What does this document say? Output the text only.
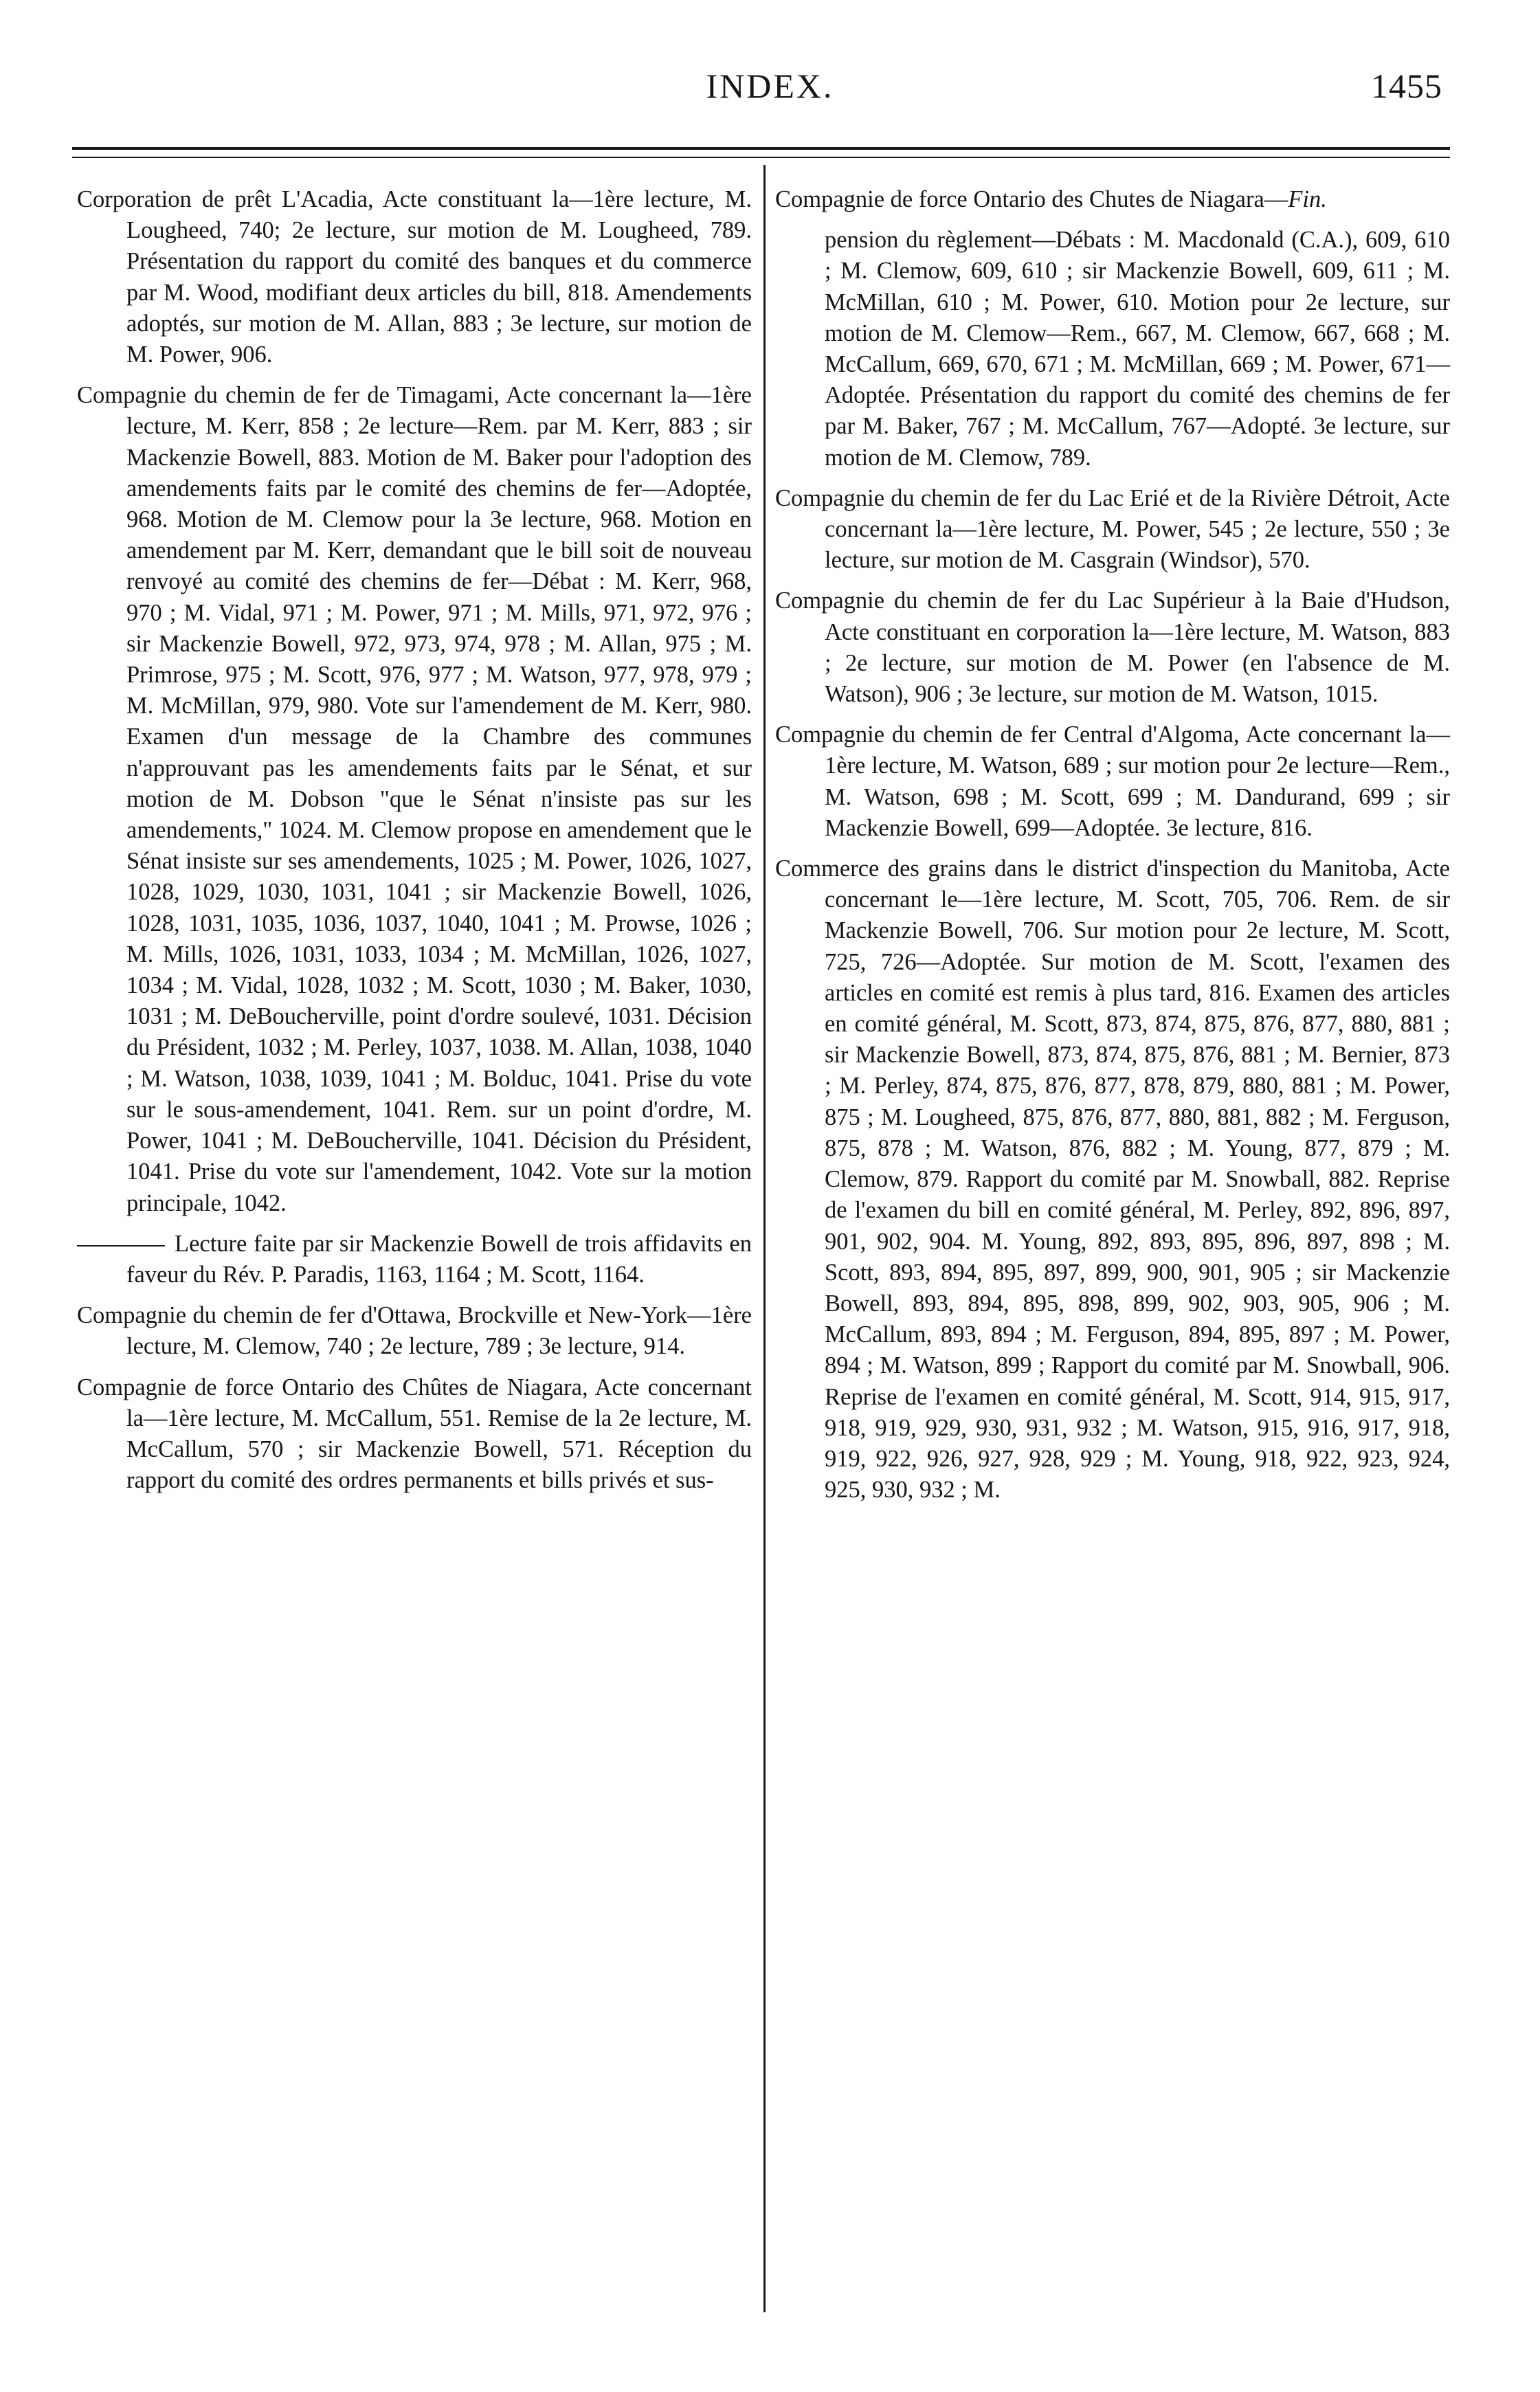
INDEX.	1455

Corporation de prêt L'Acadia, Acte constituant la—1ère lecture, M. Lougheed, 740; 2e lecture, sur motion de M. Lougheed, 789. Présentation du rapport du comité des banques et du commerce par M. Wood, modifiant deux articles du bill, 818. Amendements adoptés, sur motion de M. Allan, 883 ; 3e lecture, sur motion de M. Power, 906.

Compagnie du chemin de fer de Timagami, Acte concernant la—1ère lecture, M. Kerr, 858 ; 2e lecture—Rem. par M. Kerr, 883 ; sir Mackenzie Bowell, 883. Motion de M. Baker pour l'adoption des amendements faits par le comité des chemins de fer—Adoptée, 968. Motion de M. Clemow pour la 3e lecture, 968. Motion en amendement par M. Kerr, demandant que le bill soit de nouveau renvoyé au comité des chemins de fer—Débat : M. Kerr, 968, 970 ; M. Vidal, 971 ; M. Power, 971 ; M. Mills, 971, 972, 976 ; sir Mackenzie Bowell, 972, 973, 974, 978 ; M. Allan, 975 ; M. Primrose, 975 ; M. Scott, 976, 977 ; M. Watson, 977, 978, 979 ; M. McMillan, 979, 980. Vote sur l'amendement de M. Kerr, 980. Examen d'un message de la Chambre des communes n'approuvant pas les amendements faits par le Sénat, et sur motion de M. Dobson "que le Sénat n'insiste pas sur les amendements," 1024. M. Clemow propose en amendement que le Sénat insiste sur ses amendements, 1025 ; M. Power, 1026, 1027, 1028, 1029, 1030, 1031, 1041 ; sir Mackenzie Bowell, 1026, 1028, 1031, 1035, 1036, 1037, 1040, 1041 ; M. Prowse, 1026 ; M. Mills, 1026, 1031, 1033, 1034 ; M. McMillan, 1026, 1027, 1034 ; M. Vidal, 1028, 1032 ; M. Scott, 1030 ; M. Baker, 1030, 1031 ; M. DeBoucherville, point d'ordre soulevé, 1031. Décision du Président, 1032 ; M. Perley, 1037, 1038. M. Allan, 1038, 1040 ; M. Watson, 1038, 1039, 1041 ; M. Bolduc, 1041. Prise du vote sur le sous-amendement, 1041. Rem. sur un point d'ordre, M. Power, 1041 ; M. DeBoucherville, 1041. Décision du Président, 1041. Prise du vote sur l'amendement, 1042. Vote sur la motion principale, 1042.

Lecture faite par sir Mackenzie Bowell de trois affidavits en faveur du Rév. P. Paradis, 1163, 1164 ; M. Scott, 1164.

Compagnie du chemin de fer d'Ottawa, Brockville et New-York—1ère lecture, M. Clemow, 740 ; 2e lecture, 789 ; 3e lecture, 914.

Compagnie de force Ontario des Chûtes de Niagara, Acte concernant la—1ère lecture, M. McCallum, 551. Remise de la 2e lecture, M. McCallum, 570 ; sir Mackenzie Bowell, 571. Réception du rapport du comité des ordres permanents et bills privés et sus-

Compagnie de force Ontario des Chutes de Niagara—Fin.

pension du règlement—Débats : M. Macdonald (C.A.), 609, 610 ; M. Clemow, 609, 610 ; sir Mackenzie Bowell, 609, 611 ; M. McMillan, 610 ; M. Power, 610. Motion pour 2e lecture, sur motion de M. Clemow—Rem., 667, M. Clemow, 667, 668 ; M. McCallum, 669, 670, 671 ; M. McMillan, 669 ; M. Power, 671—Adoptée. Présentation du rapport du comité des chemins de fer par M. Baker, 767 ; M. McCallum, 767—Adopté. 3e lecture, sur motion de M. Clemow, 789.

Compagnie du chemin de fer du Lac Erié et de la Rivière Détroit, Acte concernant la—1ère lecture, M. Power, 545 ; 2e lecture, 550 ; 3e lecture, sur motion de M. Casgrain (Windsor), 570.

Compagnie du chemin de fer du Lac Supérieur à la Baie d'Hudson, Acte constituant en corporation la—1ère lecture, M. Watson, 883 ; 2e lecture, sur motion de M. Power (en l'absence de M. Watson), 906 ; 3e lecture, sur motion de M. Watson, 1015.

Compagnie du chemin de fer Central d'Algoma, Acte concernant la—1ère lecture, M. Watson, 689 ; sur motion pour 2e lecture—Rem., M. Watson, 698 ; M. Scott, 699 ; M. Dandurand, 699 ; sir Mackenzie Bowell, 699—Adoptée. 3e lecture, 816.

Commerce des grains dans le district d'inspection du Manitoba, Acte concernant le—1ère lecture, M. Scott, 705, 706. Rem. de sir Mackenzie Bowell, 706. Sur motion pour 2e lecture, M. Scott, 725, 726—Adoptée. Sur motion de M. Scott, l'examen des articles en comité est remis à plus tard, 816. Examen des articles en comité général, M. Scott, 873, 874, 875, 876, 877, 880, 881 ; sir Mackenzie Bowell, 873, 874, 875, 876, 881 ; M. Bernier, 873 ; M. Perley, 874, 875, 876, 877, 878, 879, 880, 881 ; M. Power, 875 ; M. Lougheed, 875, 876, 877, 880, 881, 882 ; M. Ferguson, 875, 878 ; M. Watson, 876, 882 ; M. Young, 877, 879 ; M. Clemow, 879. Rapport du comité par M. Snowball, 882. Reprise de l'examen du bill en comité général, M. Perley, 892, 896, 897, 901, 902, 904. M. Young, 892, 893, 895, 896, 897, 898 ; M. Scott, 893, 894, 895, 897, 899, 900, 901, 905 ; sir Mackenzie Bowell, 893, 894, 895, 898, 899, 902, 903, 905, 906 ; M. McCallum, 893, 894 ; M. Ferguson, 894, 895, 897 ; M. Power, 894 ; M. Watson, 899 ; Rapport du comité par M. Snowball, 906. Reprise de l'examen en comité général, M. Scott, 914, 915, 917, 918, 919, 929, 930, 931, 932 ; M. Watson, 915, 916, 917, 918, 919, 922, 926, 927, 928, 929 ; M. Young, 918, 922, 923, 924, 925, 930, 932 ; M.
